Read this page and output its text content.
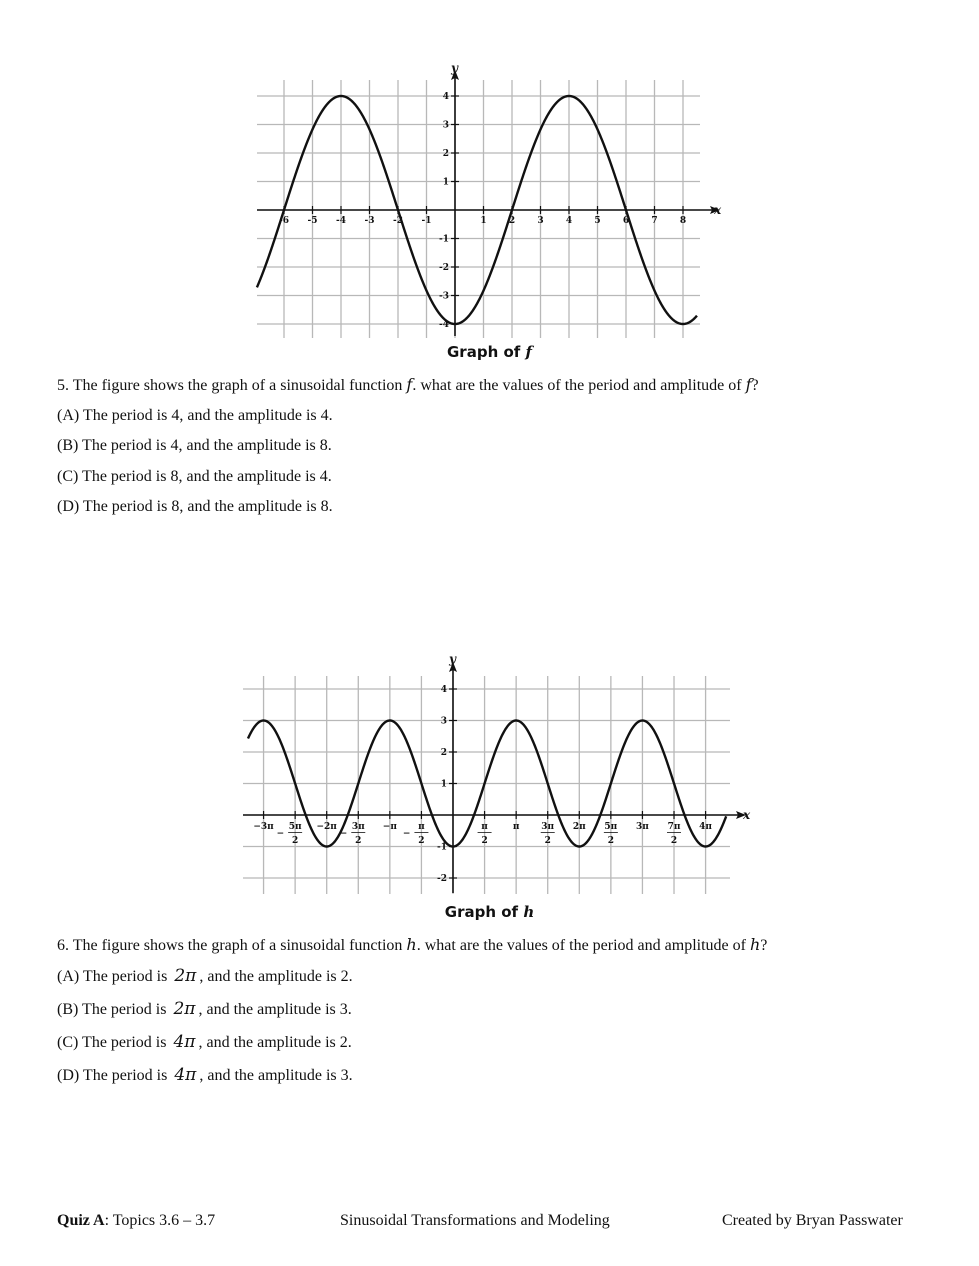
x
y
-6 -5 -4 -3 -2 -1	1 2 3 4 5 6 7 8
-4
-3
-2
-1
1
2
3
4
Graph of f
5. The figure shows the graph of a sinusoidal function f. what are the values of the period and amplitude of f?
(A) The period is 4, and the amplitude is 4.
(B) The period is 4, and the amplitude is 8.
(C) The period is 8, and the amplitude is 4.
(D) The period is 8, and the amplitude is 8.
x
y
−3π
−
5π
2
−2π
−
3π
2
−π
−
π
2
π
2
π 3π
2
2π 5π
2
3π 7π
2
4π
-2
-1
1
2
3
4
Graph of h
6. The figure shows the graph of a sinusoidal function h. what are the values of the period and amplitude of h?
(A) The period is 2π , and the amplitude is 2.
(B) The period is 2π , and the amplitude is 3.
(C) The period is 4π , and the amplitude is 2.
(D) The period is 4π , and the amplitude is 3.
Quiz A: Topics 3.6 – 3.7	Sinusoidal Transformations and Modeling	Created by Bryan Passwater
